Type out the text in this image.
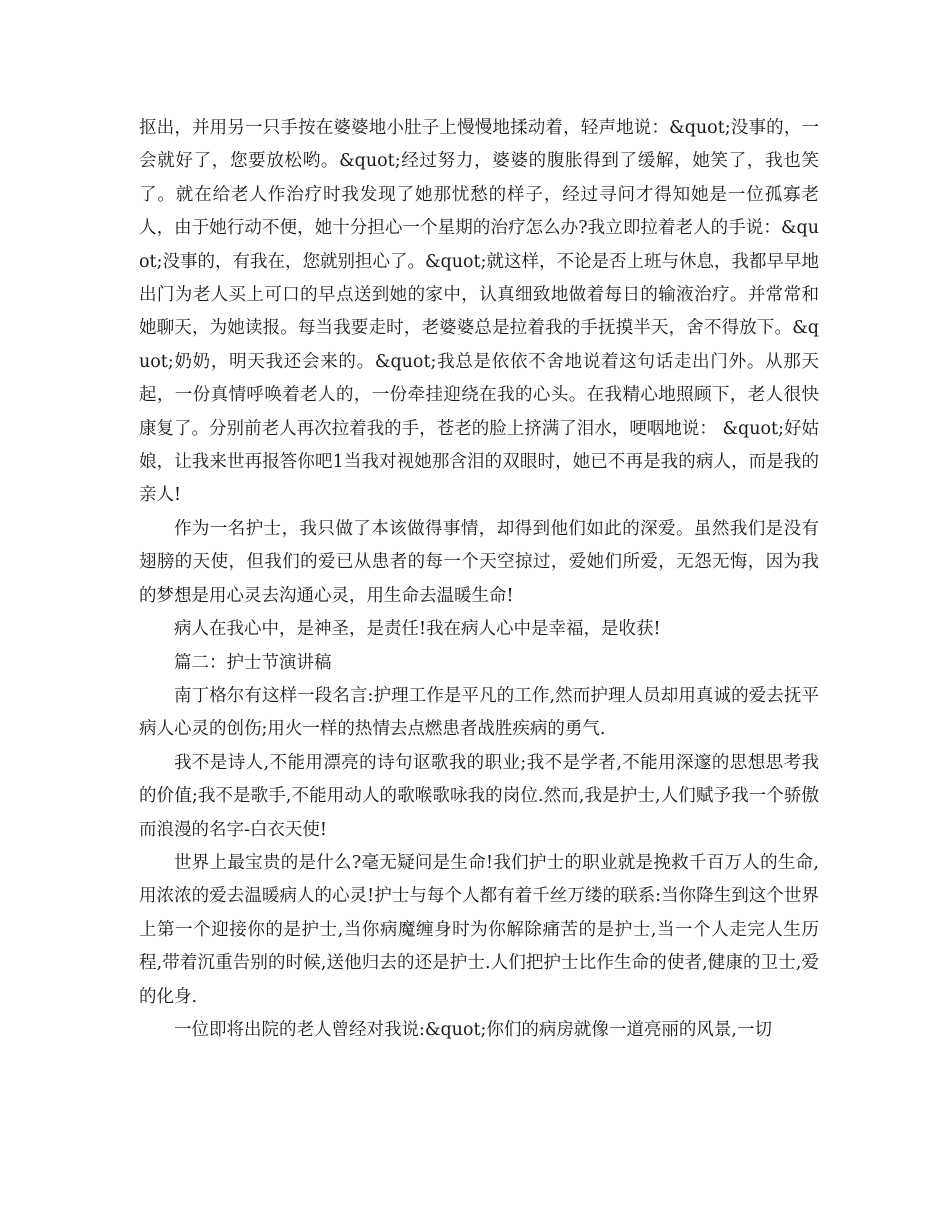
抠出，并用另一只手按在婆婆地小肚子上慢慢地揉动着，轻声地说：&quot;没事的，一会就好了，您要放松哟。&quot;经过努力，婆婆的腹胀得到了缓解，她笑了，我也笑了。就在给老人作治疗时我发现了她那忧愁的样子，经过寻问才得知她是一位孤寡老人，由于她行动不便，她十分担心一个星期的治疗怎么办?我立即拉着老人的手说：&quot;没事的，有我在，您就别担心了。&quot;就这样，不论是否上班与休息，我都早早地出门为老人买上可口的早点送到她的家中，认真细致地做着每日的输液治疗。并常常和她聊天，为她读报。每当我要走时，老婆婆总是拉着我的手抚摸半天，舍不得放下。&quot;奶奶，明天我还会来的。&quot;我总是依依不舍地说着这句话走出门外。从那天起，一份真情呼唤着老人的，一份牵挂迎绕在我的心头。在我精心地照顾下，老人很快康复了。分别前老人再次拉着我的手，苍老的脸上挤满了泪水，哽咽地说： &quot;好姑娘，让我来世再报答你吧1当我对视她那含泪的双眼时，她已不再是我的病人，而是我的亲人!

作为一名护士，我只做了本该做得事情，却得到他们如此的深爱。虽然我们是没有翅膀的天使，但我们的爱已从患者的每一个天空掠过，爱她们所爱，无怨无悔，因为我的梦想是用心灵去沟通心灵，用生命去温暖生命!

病人在我心中，是神圣，是责任!我在病人心中是幸福，是收获!

篇二：护士节演讲稿

南丁格尔有这样一段名言:护理工作是平凡的工作,然而护理人员却用真诚的爱去抚平病人心灵的创伤;用火一样的热情去点燃患者战胜疾病的勇气.

我不是诗人,不能用漂亮的诗句讴歌我的职业;我不是学者,不能用深邃的思想思考我的价值;我不是歌手,不能用动人的歌喉歌咏我的岗位.然而,我是护士,人们赋予我一个骄傲而浪漫的名字-白衣天使!

世界上最宝贵的是什么?毫无疑问是生命!我们护士的职业就是挽救千百万人的生命,用浓浓的爱去温暖病人的心灵!护士与每个人都有着千丝万缕的联系:当你降生到这个世界上第一个迎接你的是护士,当你病魔缠身时为你解除痛苦的是护士,当一个人走完人生历程,带着沉重告别的时候,送他归去的还是护士.人们把护士比作生命的使者,健康的卫士,爱的化身.

一位即将出院的老人曾经对我说:&quot;你们的病房就像一道亮丽的风景,一切
